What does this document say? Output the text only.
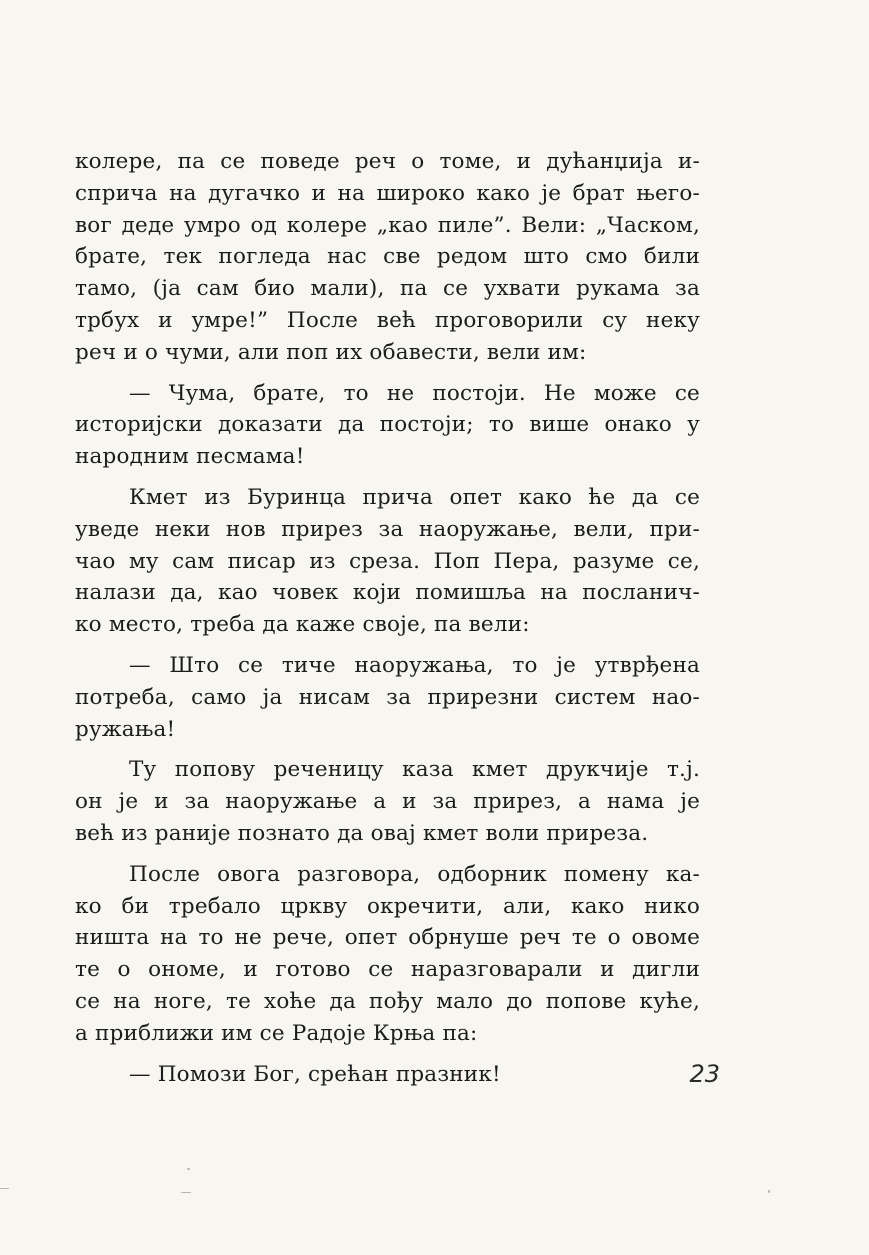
колере, па се поведе реч о томе, и дућанџија и-
сприча на дугачко и на широко како је брат њего-
вог деде умро од колере „као пиле”. Вели: „Часком,
брате, тек погледа нас све редом што смо били
тамо, (ја сам био мали), па се ухвати рукама за
трбух и умре!” После већ проговорили су неку
реч и о чуми, али поп их обавести, вели им:
— Чума, брате, то не постоји. Не може се
историјски доказати да постоји; то више онако у
народним песмама!
Кмет из Буринца прича опет како ће да се
уведе неки нов прирез за наоружање, вели, при-
чао му сам писар из среза. Поп Пера, разуме се,
налази да, као човек који помишља на посланич-
ко место, треба да каже своје, па вели:
— Што се тиче наоружања, то је утврђена
потреба, само ја нисам за прирезни систем нао-
ружања!
Ту попову реченицу каза кмет друкчије т.ј.
он је и за наоружање а и за прирез, а нама је
већ из раније познато да овај кмет воли приреза.
После овога разговора, одборник помену ка-
ко би требало цркву окречити, али, како нико
ништа на то не рече, опет обрнуше реч те о овоме
те о ономе, и готово се наразговарали и дигли
се на ноге, те хоће да пођу мало до попове куће,
а приближи им се Радоје Крња па:
— Помози Бог, срећан празник!	23
